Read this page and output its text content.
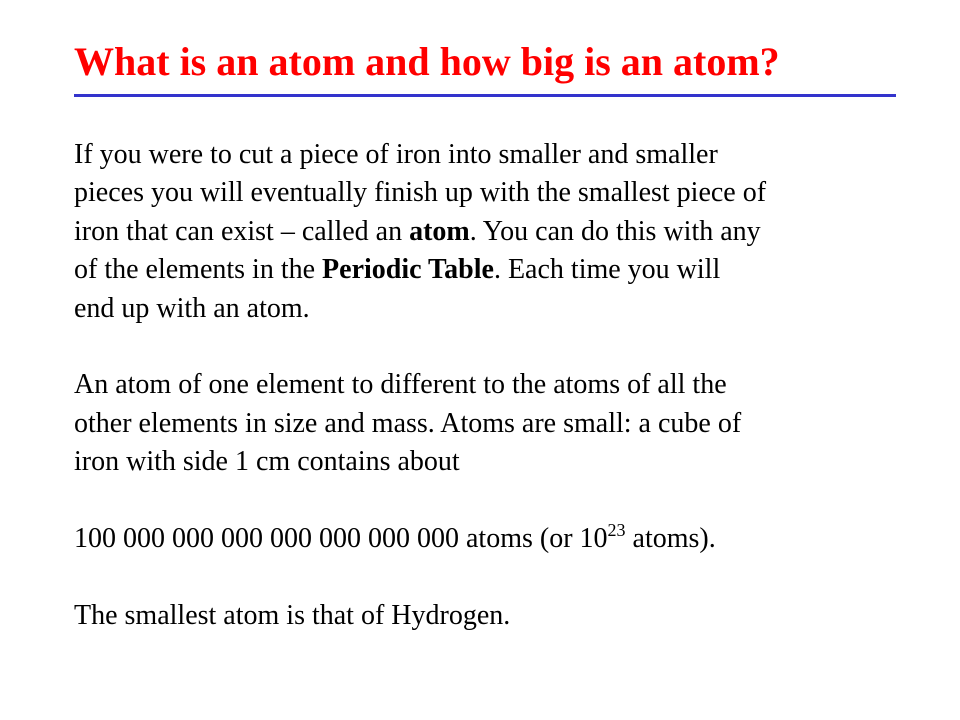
What is an atom and how big is an atom?

If you were to cut a piece of iron into smaller and smaller
pieces you will eventually finish up with the smallest piece of
iron that can exist – called an atom. You can do this with any
of the elements in the Periodic Table. Each time you will
end up with an atom.

An atom of one element to different to the atoms of all the
other elements in size and mass. Atoms are small: a cube of
iron with side 1 cm contains about

100 000 000 000 000 000 000 000 atoms (or $10^{23}$ atoms).

The smallest atom is that of Hydrogen.
